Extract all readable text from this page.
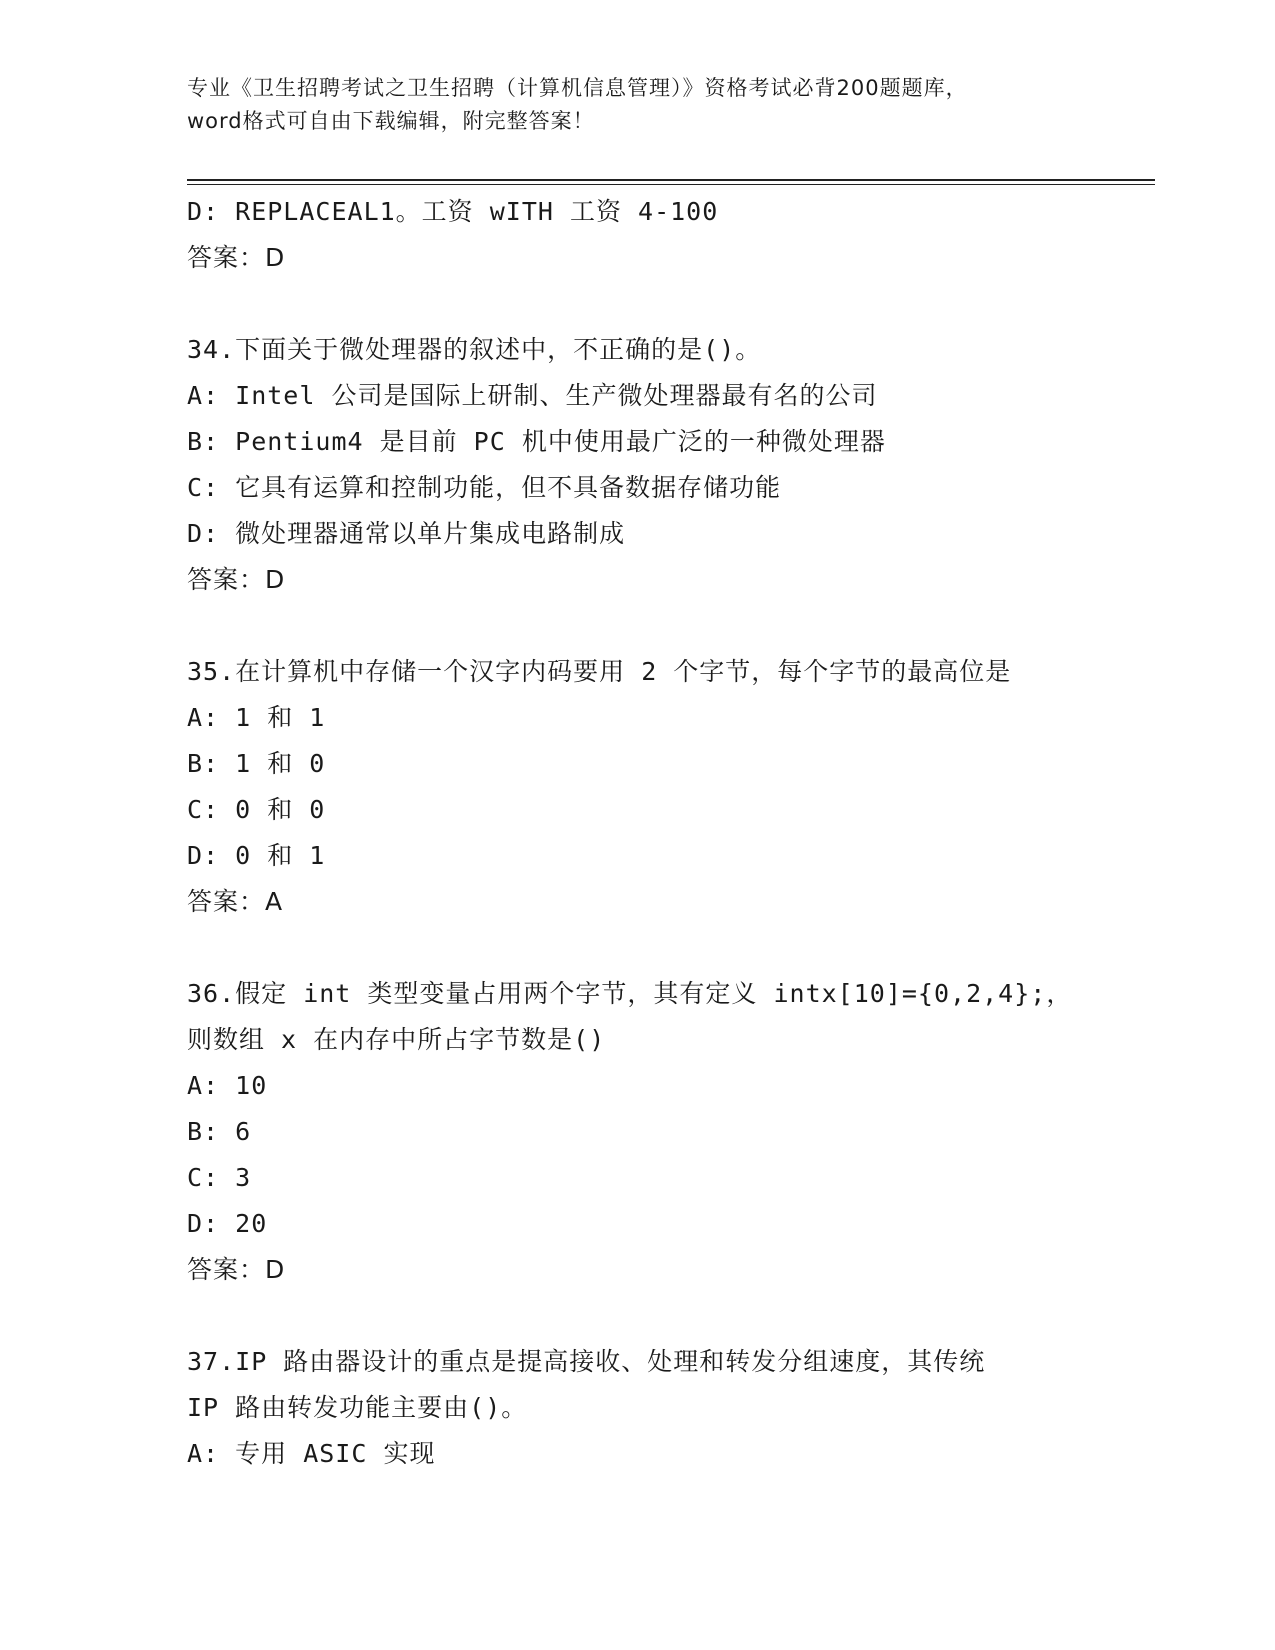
专业《卫生招聘考试之卫生招聘（计算机信息管理）》资格考试必背200题题库，
word格式可自由下载编辑，附完整答案！
D: REPLACEAL1。工资 wITH 工资 4-100
答案：D
34.下面关于微处理器的叙述中，不正确的是()。
A: Intel 公司是国际上研制、生产微处理器最有名的公司
B: Pentium4 是目前 PC 机中使用最广泛的一种微处理器
C: 它具有运算和控制功能，但不具备数据存储功能
D: 微处理器通常以单片集成电路制成
答案：D
35.在计算机中存储一个汉字内码要用 2 个字节，每个字节的最高位是
A: 1 和 1
B: 1 和 0
C: 0 和 0
D: 0 和 1
答案：A
36.假定 int 类型变量占用两个字节，其有定义 intx[10]={0,2,4};，
则数组 x 在内存中所占字节数是()
A: 10
B: 6
C: 3
D: 20
答案：D
37.IP 路由器设计的重点是提高接收、处理和转发分组速度，其传统
IP 路由转发功能主要由()。
A: 专用 ASIC 实现
